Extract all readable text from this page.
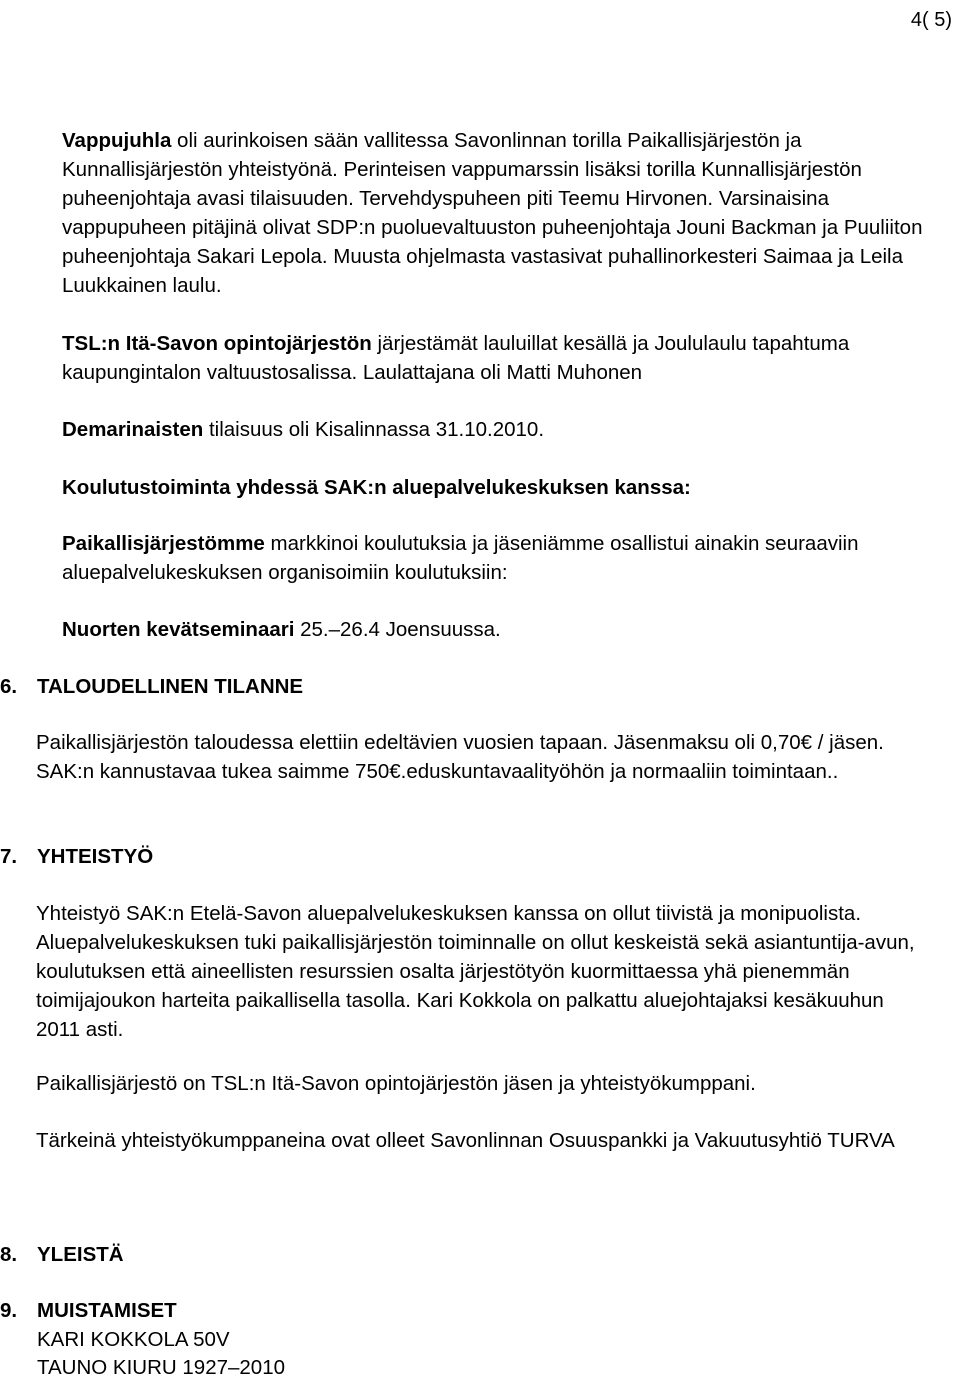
4( 5)

Vappujuhla oli aurinkoisen sään vallitessa Savonlinnan torilla Paikallisjärjestön ja Kunnallisjärjestön yhteistyönä. Perinteisen vappumarssin lisäksi torilla Kunnallisjärjestön puheenjohtaja avasi tilaisuuden. Tervehdyspuheen piti Teemu Hirvonen. Varsinaisina vappupuheen pitäjinä olivat SDP:n puoluevaltuuston puheenjohtaja Jouni Backman ja Puuliiton puheenjohtaja Sakari Lepola. Muusta ohjelmasta vastasivat puhallinorkesteri Saimaa ja Leila Luukkainen laulu.

TSL:n Itä-Savon opintojärjestön järjestämät lauluillat kesällä ja Joululaulu tapahtuma kaupungintalon valtuustosalissa. Laulattajana oli Matti Muhonen

Demarinaisten tilaisuus oli Kisalinnassa 31.10.2010.

Koulutustoiminta yhdessä SAK:n aluepalvelukeskuksen kanssa:

Paikallisjärjestömme markkinoi koulutuksia ja jäseniämme osallistui ainakin seuraaviin aluepalvelukeskuksen organisoimiin koulutuksiin:

Nuorten kevätseminaari 25.–26.4 Joensuussa.

6. TALOUDELLINEN TILANNE

Paikallisjärjestön taloudessa elettiin edeltävien vuosien tapaan. Jäsenmaksu oli 0,70€ / jäsen. SAK:n kannustavaa tukea saimme 750€.eduskuntavaalityöhön ja normaaliin toimintaan..

7. YHTEISTYÖ

Yhteistyö SAK:n Etelä-Savon aluepalvelukeskuksen kanssa on ollut tiivistä ja monipuolista. Aluepalvelukeskuksen tuki paikallisjärjestön toiminnalle on ollut keskeistä sekä asiantuntija-avun, koulutuksen että aineellisten resurssien osalta järjestötyön kuormittaessa yhä pienemmän toimijajoukon harteita paikallisella tasolla. Kari Kokkola on palkattu aluejohtajaksi kesäkuuhun 2011 asti.

Paikallisjärjestö on TSL:n Itä-Savon opintojärjestön jäsen ja yhteistyökumppani.

Tärkeinä yhteistyökumppaneina ovat olleet Savonlinnan Osuuspankki ja Vakuutusyhtiö TURVA

8. YLEISTÄ
9. MUISTAMISET
KARI KOKKOLA 50V
TAUNO KIURU 1927–2010
